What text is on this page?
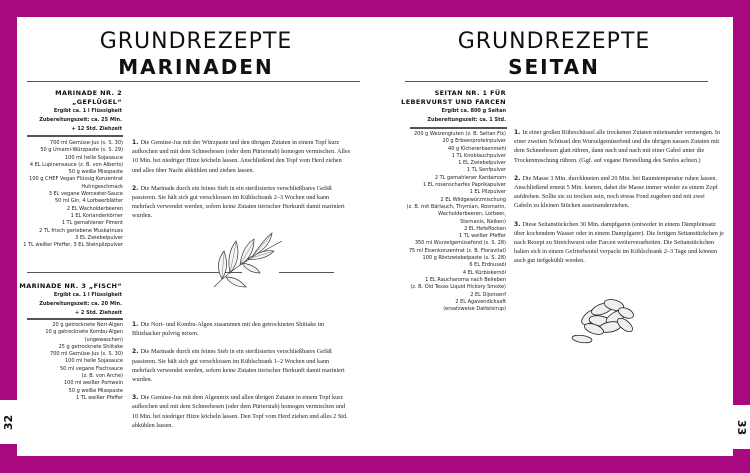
GRUNDREZEPTE
MARINADEN
MARINADE NR. 2
„GEFLÜGEL“
Ergibt ca. 1 l Flüssigkeit
Zubereitungszeit: ca. 25 Min.
+ 12 Std. Ziehzeit
700 ml Gemüse-Jus (s. S. 30)
50 g Umami-Würzpaste (s. S. 29)
100 ml helle Sojasauce
4 EL Lupinensauce (z. B. von Alberts)
50 g weiße Misopaste
100 g CHEF Vegan Flüssig Konzentrat
Huhngeschmack
3 EL vegane Worcester-Sauce
50 ml Gin, 4 Lorbeerblätter
2 EL Wacholderbeeren
1 EL Korianderkörner
1 TL gemahlener Piment
2 TL frisch geriebene Muskatnuss
3 EL Zwiebelpulver
1 TL weißer Pfeffer, 3 EL Steinpilzpulver

1. Die Gemüse-Jus mit der Würzpaste und den übrigen Zutaten in einem Topf kurz aufkochen und mit dem Schneebesen (oder dem Pürierstab) homogen vermischen. Alles 10 Min. bei niedriger Hitze köcheln lassen. Anschließend den Topf vom Herd ziehen und alles über Nacht abkühlen und ziehen lassen.

2. Die Marinade durch ein feines Sieb in ein sterilisiertes verschließbares Gefäß passieren. Sie hält sich gut verschlossen im Kühlschrank 2–3 Wochen und kann mehrfach verwendet werden, sofern keine Zutaten tierischer Herkunft damit mariniert wurden.

MARINADE NR. 3 „FISCH“
Ergibt ca. 1 l Flüssigkeit
Zubereitungszeit: ca. 20 Min.
+ 2 Std. Ziehzeit
20 g getrocknete Nori-Algen
10 g getrocknete Kombu-Algen
(ungewaschen)
25 g getrocknete Shiitake
700 ml Gemüse-Jus (s. S. 30)
100 ml helle Sojasauce
50 ml vegane Fischsauce
(z. B. von Arche)
100 ml weißer Portwein
50 g weiße Misopaste
1 TL weißer Pfeffer

1. Die Nori- und Kombu-Algen zusammen mit den getrockneten Shiitake im Blitzhacker pulvrig mixen.

2. Die Marinade durch ein feines Sieb in ein sterilisiertes verschließbares Gefäß passieren. Sie hält sich gut verschlossen im Kühlschrank 1–2 Wochen und kann mehrfach verwendet werden, sofern keine Zutaten tierischer Herkunft damit mariniert wurden.

3. Die Gemüse-Jus mit dem Algenmix und allen übrigen Zutaten in einem Topf kurz aufkochen und mit dem Schneebesen (oder dem Pürierstab) homogen vermischen und 10 Min. bei niedriger Hitze köcheln lassen. Den Topf vom Herd ziehen und alles 2 Std. abkühlen lassen.

32
GRUNDREZEPTE
SEITAN
SEITAN NR. 1 FÜR
LEBERVURST UND FARCEN
Ergibt ca. 800 g Seitan
Zubereitungszeit: ca. 1 Std.
200 g Weizengluten (z. B. Seitan Fix)
20 g Erbsenproteinpulver
40 g Kichererbsenmehl
1 TL Knoblauchpulver
1 EL Zwiebelpulver
1 TL Senfpulver
2 TL gemahlener Kardamom
1 EL rosenscharfes Paprikapulver
1 EL Pilzpulver
2 EL Wildgewürzmischung
(z. B. mit Bärlauch, Thymian, Rosmarin,
Wacholderbeeren, Lorbeer,
Sternanis, Nelken)
2 EL Hefeflocken
1 TL weißer Pfeffer
350 ml Wurzelgemüsefond (s. S. 28)
75 ml Eisenkonzentrat (z. B. Floravital)
100 g Röstzwiebelpaste (s. S. 28)
6 EL Erdnussöl
4 EL Kürbiskernöl
1 EL Raucharoma nach Belieben
(z. B. Old Texas Liquid Hickory Smoke)
2 EL Dijonsenf
2 EL Agavendicksaft
(ersatzweise Dattelsirup)

1. In einer großen Rührschüssel alle trockenen Zutaten miteinander vermengen. In einer zweiten Schüssel den Wurzelgemüsefond und die übrigen nassen Zutaten mit dem Schneebesen glatt rühren, dann nach und nach mit einer Gabel unter die Trockenmischung rühren. (Ggf. auf vegane Herstellung des Senfes achten.)

2. Die Masse 3 Min. durchkneten und 20 Min. bei Raumtemperatur ruhen lassen. Anschließend erneut 5 Min. kneten, dabei die Masse immer wieder zu einem Zopf aufdrehen. Sollte sie zu trocken sein, noch etwas Fond zugeben und mit zwei Gabeln zu kleinen Stücken auseinanderziehen.

3. Diese Seitanstückchen 30 Min. dampfgaren (entweder in einem Dämpfeinsatz über kochendem Wasser oder in einem Dampfgarer). Die fertigen Seitanstückchen je nach Rezept zu Streichwurst oder Farcen weiterverarbeiten. Die Seitanstückchen halten sich in einem Gefrierbeutel verpackt im Kühlschrank 2–3 Tage und können auch gut tiefgekühlt werden.

33
